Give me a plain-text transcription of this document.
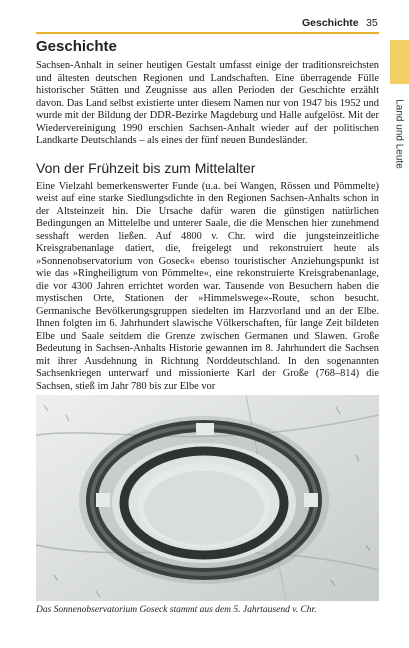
Geschichte 35
Land und Leute
Geschichte

Sachsen-Anhalt in seiner heutigen Gestalt umfasst einige der traditionsreichsten und ältesten deutschen Regionen und Landschaften. Eine überragende Fülle historischer Stätten und Zeugnisse aus allen Perioden der Geschichte erzählt davon. Das Land selbst existierte unter diesem Namen nur von 1947 bis 1952 und wurde mit der Bildung der DDR-Bezirke Magdeburg und Halle aufgelöst. Mit der Wiedervereinigung 1990 erschien Sachsen-Anhalt wieder auf der politischen Landkarte Deutschlands – als eines der fünf neuen Bundesländer.

Von der Frühzeit bis zum Mittelalter

Eine Vielzahl bemerkenswerter Funde (u.a. bei Wangen, Rössen und Pömmelte) weist auf eine starke Siedlungsdichte in den Regionen Sachsen-Anhalts schon in der Altsteinzeit hin. Die Ursache dafür waren die günstigen natürlichen Bedingungen an Mittelelbe und unterer Saale, die die Menschen hier zunehmend sesshaft werden ließen. Auf 4800 v. Chr. wird die jungsteinzeitliche Kreisgrabenanlage datiert, die, freigelegt und rekonstruiert heute als »Sonnenobservatorium von Goseck« ebenso touristischer Anziehungspunkt ist wie das »Ringheiligtum von Pömmelte«, eine rekonstruierte Kreisgrabenanlage, die vor 4300 Jahren errichtet worden war. Tausende von Besuchern haben die mystischen Orte, Stationen der »Himmelswege«-Route, schon besucht. Germanische Bevölkerungsgruppen siedelten im Harzvorland und an der Elbe. Ihnen folgten im 6. Jahrhundert slawische Völkerschaften, für lange Zeit bildeten Elbe und Saale seitdem die Grenze zwischen Germanen und Slawen. Große Bedeutung in Sachsen-Anhalts Historie gewannen im 8. Jahrhundert die Sachsen mit ihrer Ausdehnung in Richtung Norddeutschland. In den sogenannten Sachsenkriegen unterwarf und missionierte Karl der Große (768–814) die Sachsen, stieß im Jahr 780 bis zur Elbe vor

Das Sonnenobservatorium Goseck stammt aus dem 5. Jahrtausend v. Chr.
